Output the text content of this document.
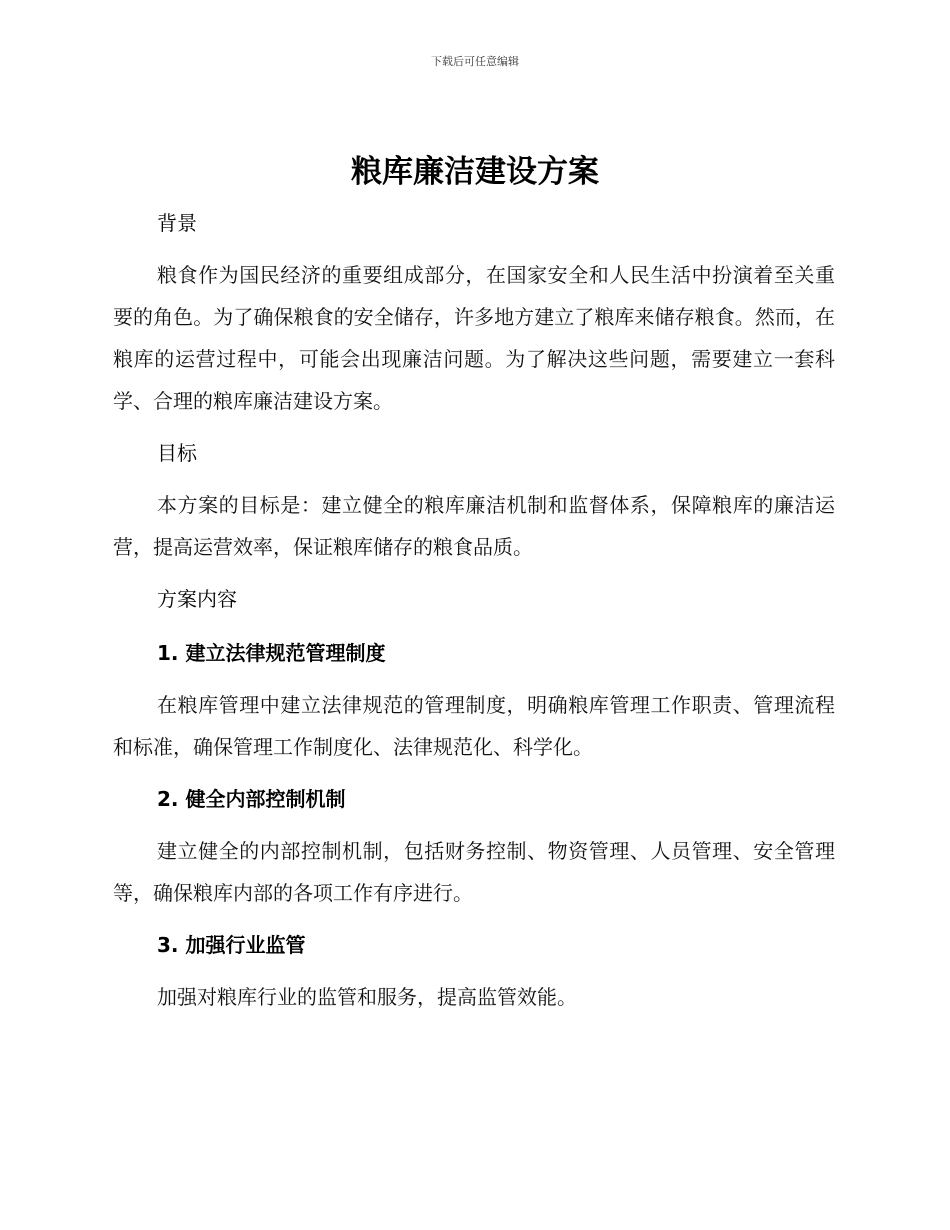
下载后可任意编辑
粮库廉洁建设方案
背景

粮食作为国民经济的重要组成部分，在国家安全和人民生活中扮演着至关重要的角色。为了确保粮食的安全储存，许多地方建立了粮库来储存粮食。然而，在粮库的运营过程中，可能会出现廉洁问题。为了解决这些问题，需要建立一套科学、合理的粮库廉洁建设方案。

目标

本方案的目标是：建立健全的粮库廉洁机制和监督体系，保障粮库的廉洁运营，提高运营效率，保证粮库储存的粮食品质。

方案内容
1. 建立法律规范管理制度

在粮库管理中建立法律规范的管理制度，明确粮库管理工作职责、管理流程和标准，确保管理工作制度化、法律规范化、科学化。

2. 健全内部控制机制

建立健全的内部控制机制，包括财务控制、物资管理、人员管理、安全管理等，确保粮库内部的各项工作有序进行。

3. 加强行业监管

加强对粮库行业的监管和服务，提高监管效能。
